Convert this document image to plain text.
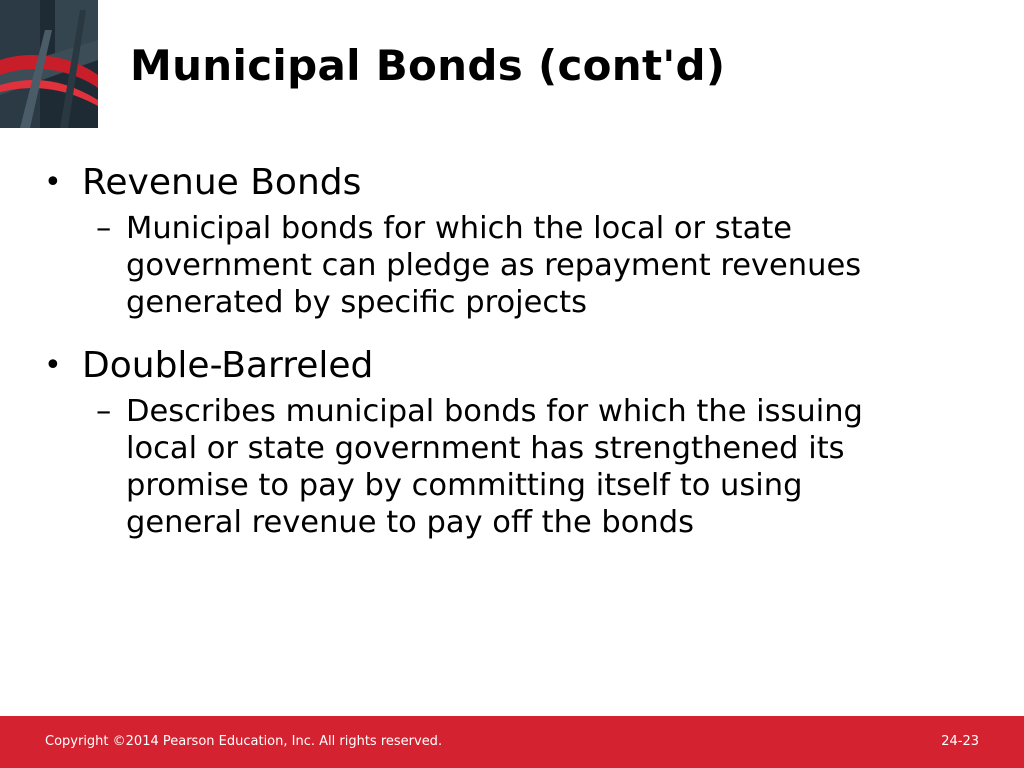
Municipal Bonds (cont'd)

• Revenue Bonds

– Municipal bonds for which the local or state
government can pledge as repayment revenues
generated by specific projects

• Double-Barreled

– Describes municipal bonds for which the issuing
local or state government has strengthened its
promise to pay by committing itself to using
general revenue to pay off the bonds
Copyright ©2014 Pearson Education, Inc. All rights reserved.	24-23
